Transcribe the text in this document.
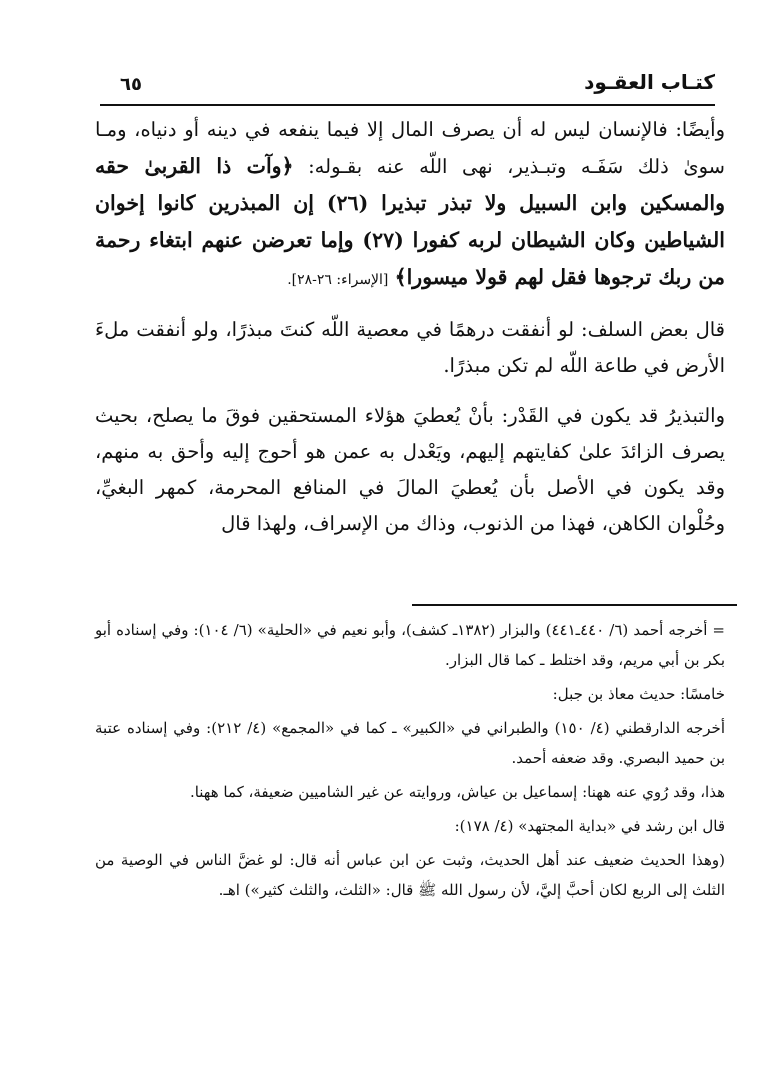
كتـاب العقـود
٦٥

وأيضًا: فالإنسان ليس له أن يصرف المال إلا فيما ينفعه في دينه أو دنياه، ومـا سوىٰ ذلك سَفَـه وتبـذير، نهى اللّه عنه بقـوله: ﴿وآت ذا القربىٰ حقه والمسكين وابن السبيل ولا تبذر تبذيرا (٢٦) إن المبذرين كانوا إخوان الشياطين وكان الشيطان لربه كفورا (٢٧) وإما تعرضن عنهم ابتغاء رحمة من ربك ترجوها فقل لهم قولا ميسورا﴾ [الإسراء: ٢٦-٢٨].

قال بعض السلف: لو أنفقت درهمًا في معصية اللّه كنتَ مبذرًا، ولو أنفقت ملءَ الأرض في طاعة اللّه لم تكن مبذرًا.

والتبذيرُ قد يكون في القَدْر: بأنْ يُعطيَ هؤلاء المستحقين فوقَ ما يصلح، بحيث يصرف الزائدَ علىٰ كفايتهم إليهم، ويَعْدل به عمن هو أحوج إليه وأحق به منهم، وقد يكون في الأصل بأن يُعطيَ المالَ في المنافع المحرمة، كمهر البغيِّ، وحُلْوان الكاهن، فهذا من الذنوب، وذاك من الإسراف، ولهذا قال

= أخرجه أحمد (٦/ ٤٤٠ـ٤٤١) والبزار (١٣٨٢ـ كشف)، وأبو نعيم في «الحلية» (٦/ ١٠٤): وفي إسناده أبو بكر بن أبي مريم، وقد اختلط ـ كما قال البزار.

خامسًا: حديث معاذ بن جبل:

أخرجه الدارقطني (٤/ ١٥٠) والطبراني في «الكبير» ـ كما في «المجمع» (٤/ ٢١٢): وفي إسناده عتبة بن حميد البصري. وقد ضعفه أحمد.

هذا، وقد رُوي عنه ههنا: إسماعيل بن عياش، وروايته عن غير الشاميين ضعيفة، كما ههنا.

قال ابن رشد في «بداية المجتهد» (٤/ ١٧٨):

(وهذا الحديث ضعيف عند أهل الحديث، وثبت عن ابن عباس أنه قال: لو غضَّ الناس في الوصية من الثلث إلى الربع لكان أحبَّ إليَّ، لأن رسول الله ﷺ قال: «الثلث، والثلث كثير») اهـ.
